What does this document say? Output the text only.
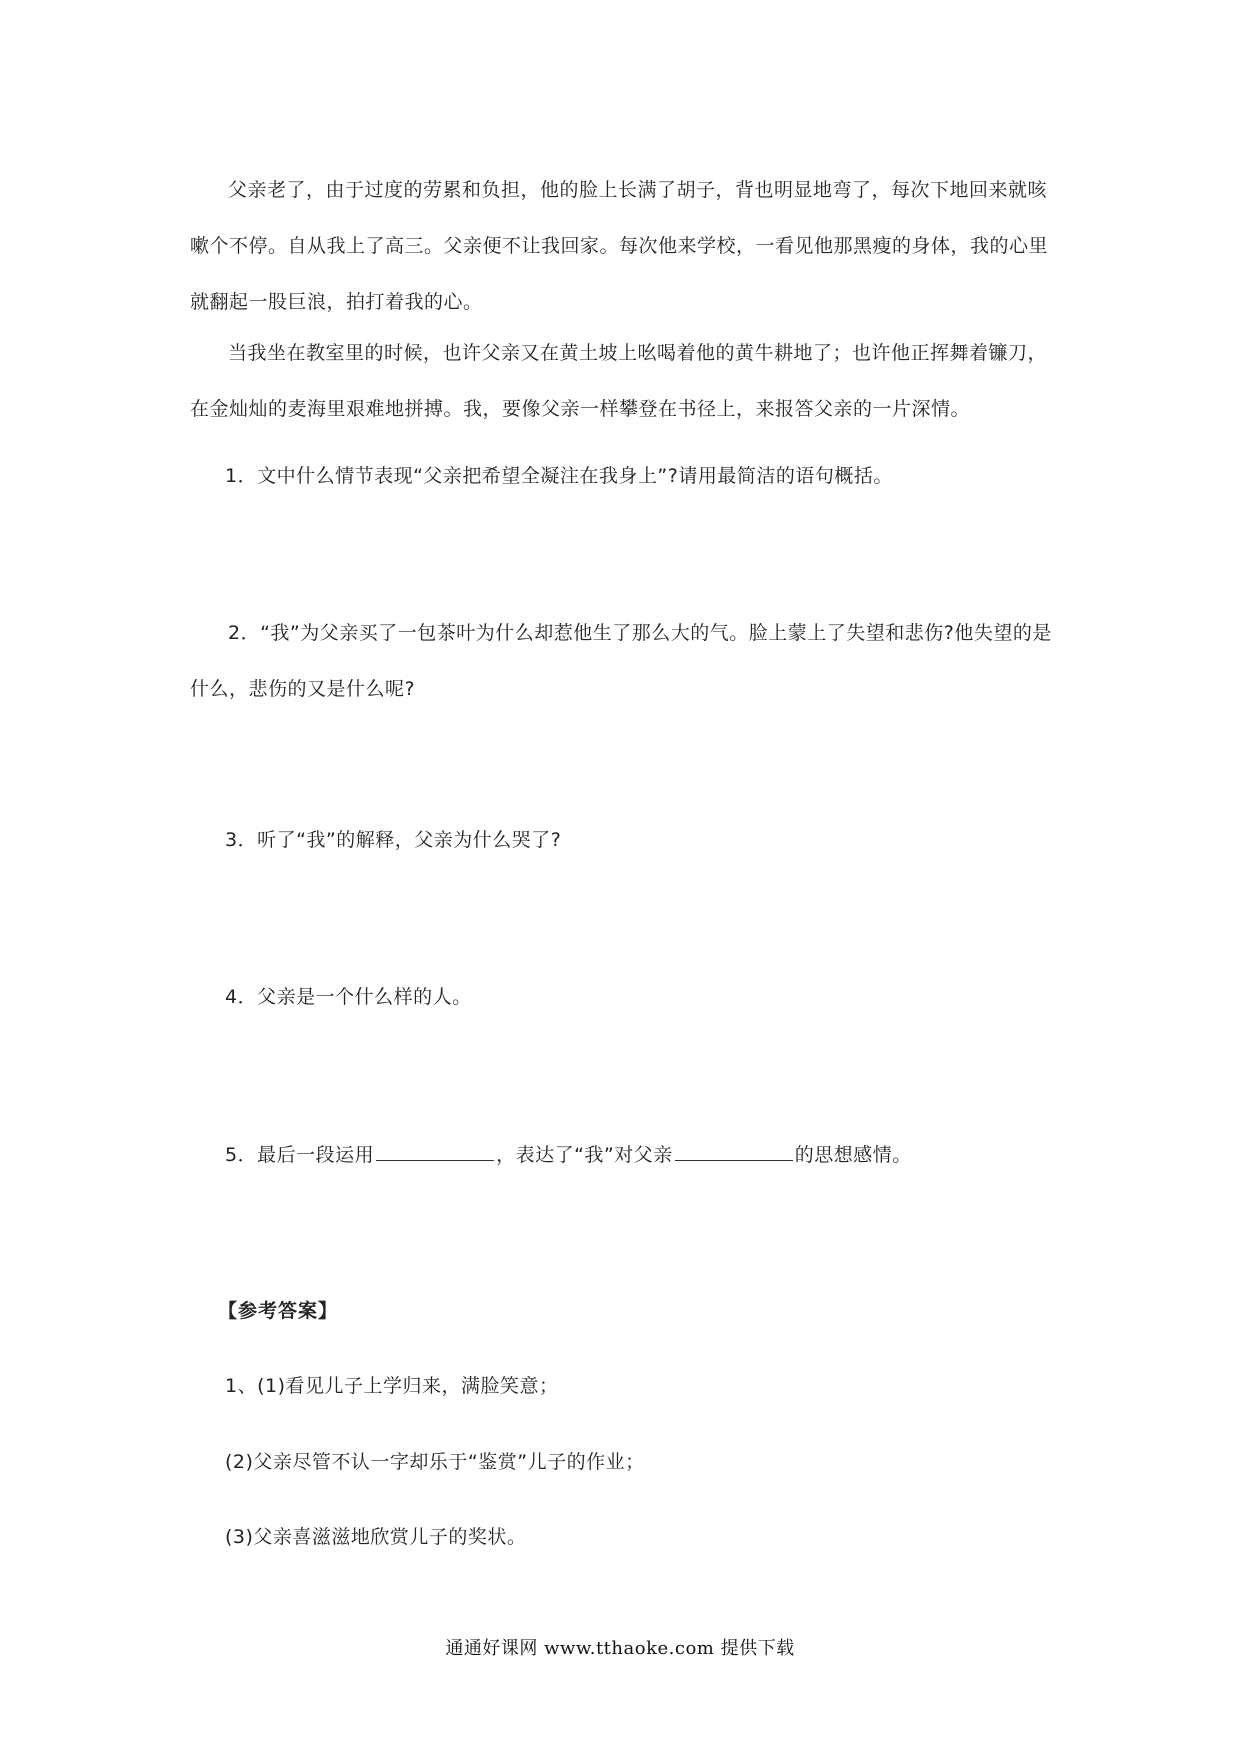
父亲老了，由于过度的劳累和负担，他的脸上长满了胡子，背也明显地弯了，每次下地回来就咳嗽个不停。自从我上了高三。父亲便不让我回家。每次他来学校，一看见他那黑瘦的身体，我的心里就翻起一股巨浪，拍打着我的心。

当我坐在教室里的时候，也许父亲又在黄土坡上吆喝着他的黄牛耕地了；也许他正挥舞着镰刀，在金灿灿的麦海里艰难地拼搏。我，要像父亲一样攀登在书径上，来报答父亲的一片深情。

1．文中什么情节表现“父亲把希望全凝注在我身上”?请用最简洁的语句概括。

2．“我”为父亲买了一包茶叶为什么却惹他生了那么大的气。脸上蒙上了失望和悲伤?他失望的是什么，悲伤的又是什么呢?

3．听了“我”的解释，父亲为什么哭了?

4．父亲是一个什么样的人。

5．最后一段运用	，表达了“我”对父亲	的思想感情。

【参考答案】

1、(1)看见儿子上学归来，满脸笑意；

(2)父亲尽管不认一字却乐于“鉴赏”儿子的作业；

(3)父亲喜滋滋地欣赏儿子的奖状。

通通好课网 www.tthaoke.com 提供下载
